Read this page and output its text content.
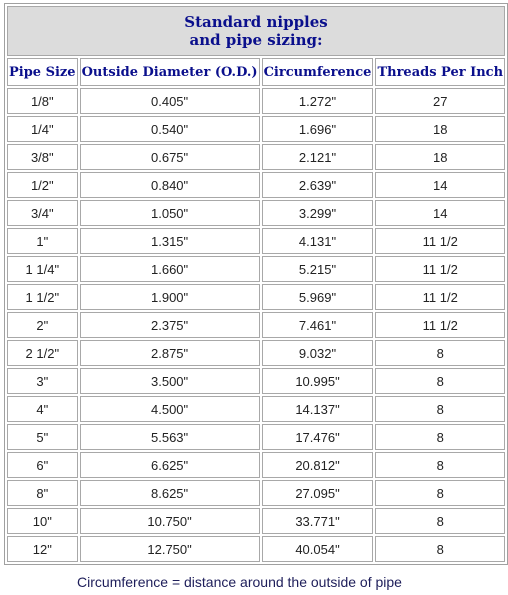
Standard nipples
and pipe sizing:			

Pipe Size	Outside Diameter (O.D.)	Circumference	Threads Per Inch
1/8"	0.405"	1.272"	27
1/4"	0.540"	1.696"	18
3/8"	0.675"	2.121"	18
1/2"	0.840"	2.639"	14
3/4"	1.050"	3.299"	14
1"	1.315"	4.131"	11 1/2
1 1/4"	1.660"	5.215"	11 1/2
1 1/2"	1.900"	5.969"	11 1/2
2"	2.375"	7.461"	11 1/2
2 1/2"	2.875"	9.032"	8
3"	3.500"	10.995"	8
4"	4.500"	14.137"	8
5"	5.563"	17.476"	8
6"	6.625"	20.812"	8
8"	8.625"	27.095"	8
10"	10.750"	33.771"	8
12"	12.750"	40.054"	8
Circumference = distance around the outside of pipe
